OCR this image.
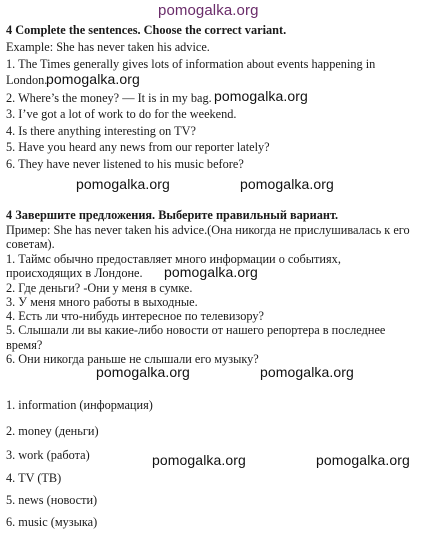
pomogalka.org
4 Complete the sentences. Choose the correct variant.
Example: She has never taken his advice.
1. The Times generally gives lots of information about events happening in
London.
pomogalka.org
2. Where’s the money? — It is in my bag. pomogalka.org
3. I’ve got a lot of work to do for the weekend.
4. Is there anything interesting on TV?
5. Have you heard any news from our reporter lately?
6. They have never listened to his music before?
pomogalka.org	pomogalka.org
4 Завершите предложения. Выберите правильный вариант.
Пример: She has never taken his advice.(Она никогда не прислушивалась к его
советам).
1. Таймс обычно предоставляет много информации о событиях,
происходящих в Лондоне. pomogalka.org
2. Где деньги? -Они у меня в сумке.
3. У меня много работы в выходные.
4. Есть ли что-нибудь интересное по телевизору?
5. Слышали ли вы какие-либо новости от нашего репортера в последнее
время?
6. Они никогда раньше не слышали его музыку?
pomogalka.org	pomogalka.org
1. information (информация)
2. money (деньги)
3. work (работа)	pomogalka.org	pomogalka.org
4. TV (ТВ)
5. news (новости)
6. music (музыка)
